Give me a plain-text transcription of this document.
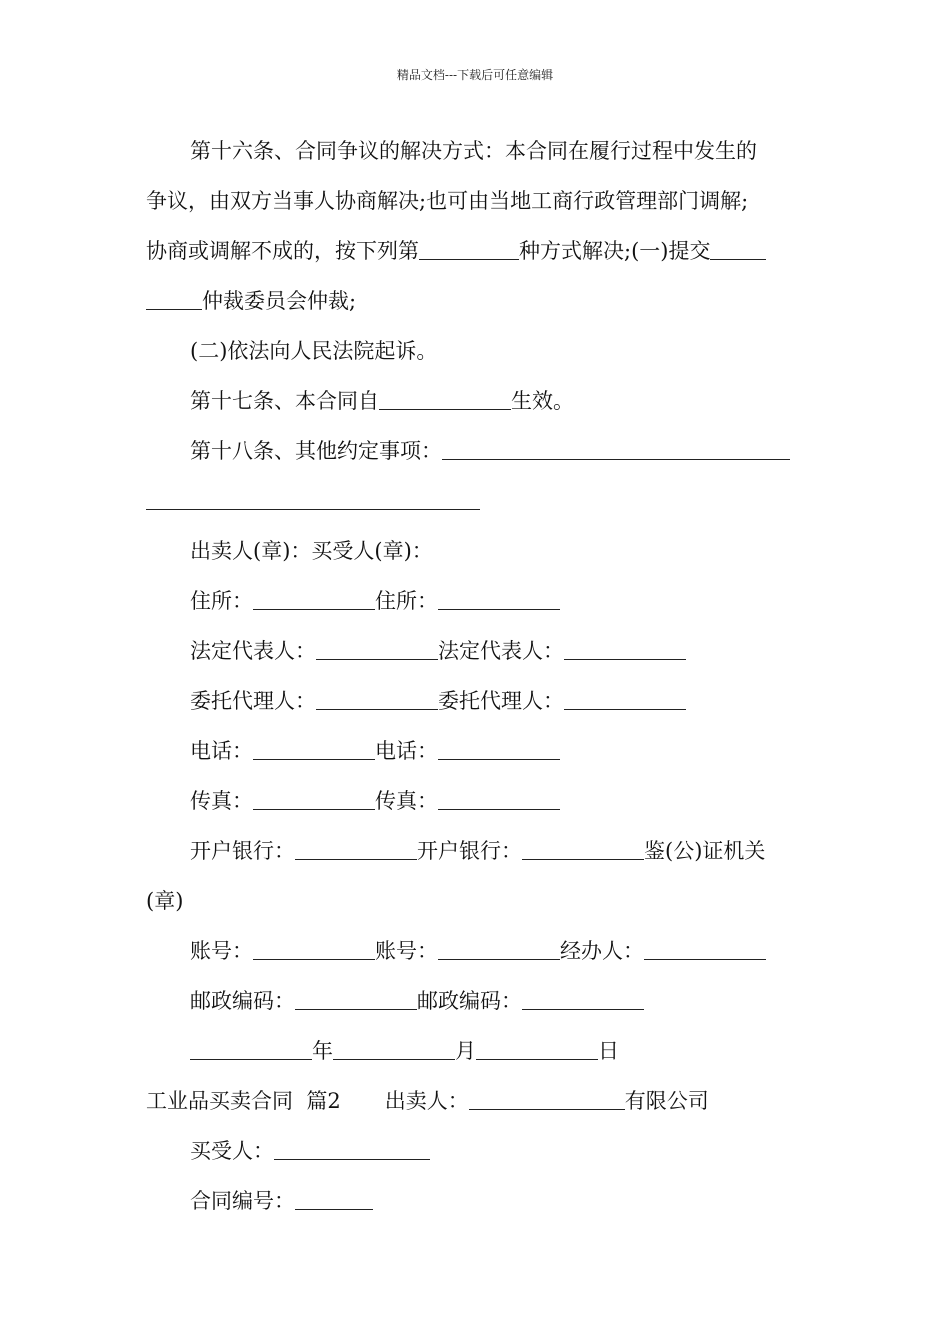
精品文档---下载后可任意编辑
第十六条、合同争议的解决方式：本合同在履行过程中发生的
争议，由双方当事人协商解决;也可由当地工商行政管理部门调解;
协商或调解不成的，按下列第	种方式解决;(一)提交
仲裁委员会仲裁;
(二)依法向人民法院起诉。
第十七条、本合同自	生效。
第十八条、其他约定事项：
出卖人(章)：买受人(章)：
住所：	住所：
法定代表人：	法定代表人：
委托代理人：	委托代理人：
电话：	电话：
传真：	传真：
开户银行：	开户银行：	鉴(公)证机关
(章)
账号：	账号：	经办人：
邮政编码：	邮政编码：
年	月	日
工业品买卖合同  篇2 出卖人：	有限公司
买受人：
合同编号：
